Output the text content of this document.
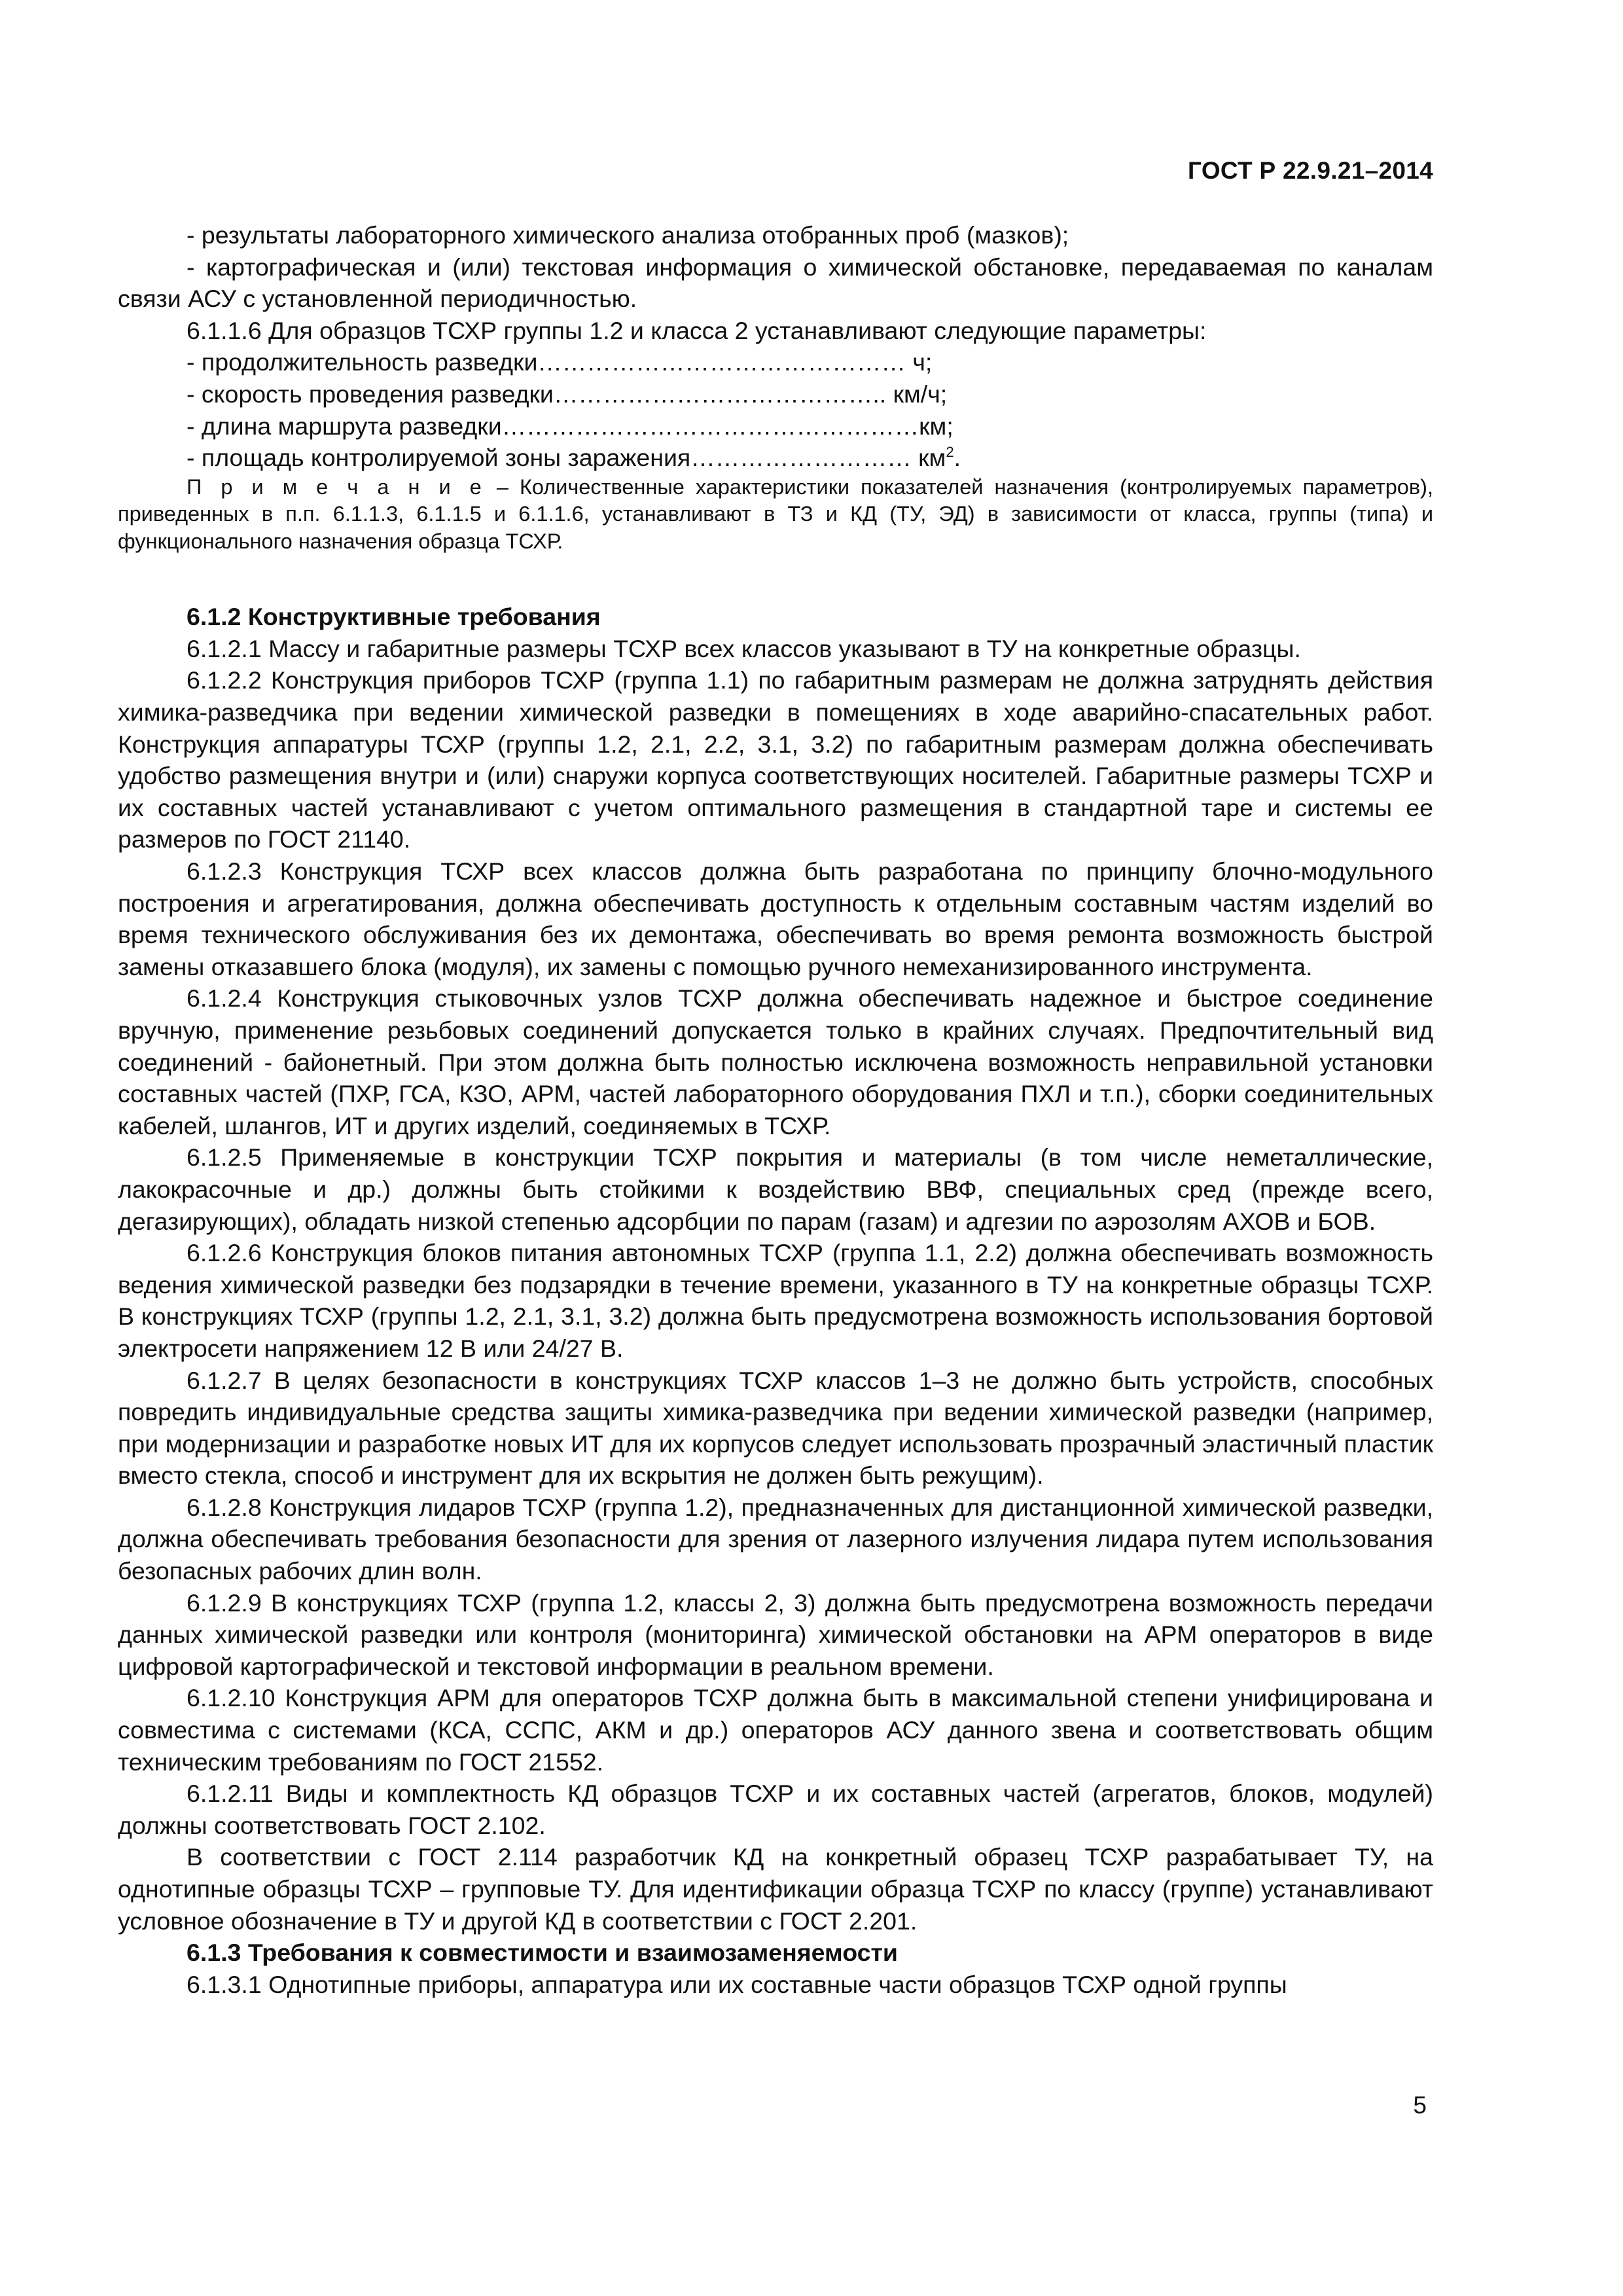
ГОСТ Р 22.9.21–2014

- результаты лабораторного химического анализа отобранных проб (мазков);

- картографическая и (или) текстовая информация о химической обстановке, передаваемая по каналам связи АСУ с установленной периодичностью.

6.1.1.6 Для образцов ТСХР группы 1.2 и класса 2 устанавливают следующие параметры:

- продолжительность разведки……………………………………… ч;

- скорость проведения разведки………………………………….. км/ч;

- длина маршрута разведки……………………………………………км;

- площадь контролируемой зоны заражения……………………… $км^2$.

П р и м е ч а н и е – Количественные характеристики показателей назначения (контролируемых параметров), приведенных в п.п. 6.1.1.3, 6.1.1.5 и 6.1.1.6, устанавливают в ТЗ и КД (ТУ, ЭД) в зависимости от класса, группы (типа) и функционального назначения образца ТСХР.

6.1.2 Конструктивные требования

6.1.2.1 Массу и габаритные размеры ТСХР всех классов указывают в ТУ на конкретные образцы.

6.1.2.2 Конструкция приборов ТСХР (группа 1.1) по габаритным размерам не должна затруднять действия химика-разведчика при ведении химической разведки в помещениях в ходе аварийно-спасательных работ. Конструкция аппаратуры ТСХР (группы 1.2, 2.1, 2.2, 3.1, 3.2) по габаритным размерам должна обеспечивать удобство размещения внутри и (или) снаружи корпуса соответствующих носителей. Габаритные размеры ТСХР и их составных частей устанавливают с учетом оптимального размещения в стандартной таре и системы ее размеров по ГОСТ 21140.

6.1.2.3 Конструкция ТСХР всех классов должна быть разработана по принципу блочно-модульного построения и агрегатирования, должна обеспечивать доступность к отдельным составным частям изделий во время технического обслуживания без их демонтажа, обеспечивать во время ремонта возможность быстрой замены отказавшего блока (модуля), их замены с помощью ручного немеханизированного инструмента.

6.1.2.4 Конструкция стыковочных узлов ТСХР должна обеспечивать надежное и быстрое соединение вручную, применение резьбовых соединений допускается только в крайних случаях. Предпочтительный вид соединений - байонетный. При этом должна быть полностью исключена возможность неправильной установки составных частей (ПХР, ГСА, КЗО, АРМ, частей лабораторного оборудования ПХЛ и т.п.), сборки соединительных кабелей, шлангов, ИТ и других изделий, соединяемых в ТСХР.

6.1.2.5 Применяемые в конструкции ТСХР покрытия и материалы (в том числе неметаллические, лакокрасочные и др.) должны быть стойкими к воздействию ВВФ, специальных сред (прежде всего, дегазирующих), обладать низкой степенью адсорбции по парам (газам) и адгезии по аэрозолям АХОВ и БОВ.

6.1.2.6 Конструкция блоков питания автономных ТСХР (группа 1.1, 2.2) должна обеспечивать возможность ведения химической разведки без подзарядки в течение времени, указанного в ТУ на конкретные образцы ТСХР. В конструкциях ТСХР (группы 1.2, 2.1, 3.1, 3.2) должна быть предусмотрена возможность использования бортовой электросети напряжением 12 В или 24/27 В.

6.1.2.7 В целях безопасности в конструкциях ТСХР классов 1–3 не должно быть устройств, способных повредить индивидуальные средства защиты химика-разведчика при ведении химической разведки (например, при модернизации и разработке новых ИТ для их корпусов следует использовать прозрачный эластичный пластик вместо стекла, способ и инструмент для их вскрытия не должен быть режущим).

6.1.2.8 Конструкция лидаров ТСХР (группа 1.2), предназначенных для дистанционной химической разведки, должна обеспечивать требования безопасности для зрения от лазерного излучения лидара путем использования безопасных рабочих длин волн.

6.1.2.9 В конструкциях ТСХР (группа 1.2, классы 2, 3) должна быть предусмотрена возможность передачи данных химической разведки или контроля (мониторинга) химической обстановки на АРМ операторов в виде цифровой картографической и текстовой информации в реальном времени.

6.1.2.10 Конструкция АРМ для операторов ТСХР должна быть в максимальной степени унифицирована и совместима с системами (КСА, ССПС, АКМ и др.) операторов АСУ данного звена и соответствовать общим техническим требованиям по ГОСТ 21552.

6.1.2.11 Виды и комплектность КД образцов ТСХР и их составных частей (агрегатов, блоков, модулей) должны соответствовать ГОСТ 2.102.

В соответствии с ГОСТ 2.114 разработчик КД на конкретный образец ТСХР разрабатывает ТУ, на однотипные образцы ТСХР – групповые ТУ. Для идентификации образца ТСХР по классу (группе) устанавливают условное обозначение в ТУ и другой КД в соответствии с ГОСТ 2.201.

6.1.3 Требования к совместимости и взаимозаменяемости

6.1.3.1 Однотипные приборы, аппаратура или их составные части образцов ТСХР одной группы

5
